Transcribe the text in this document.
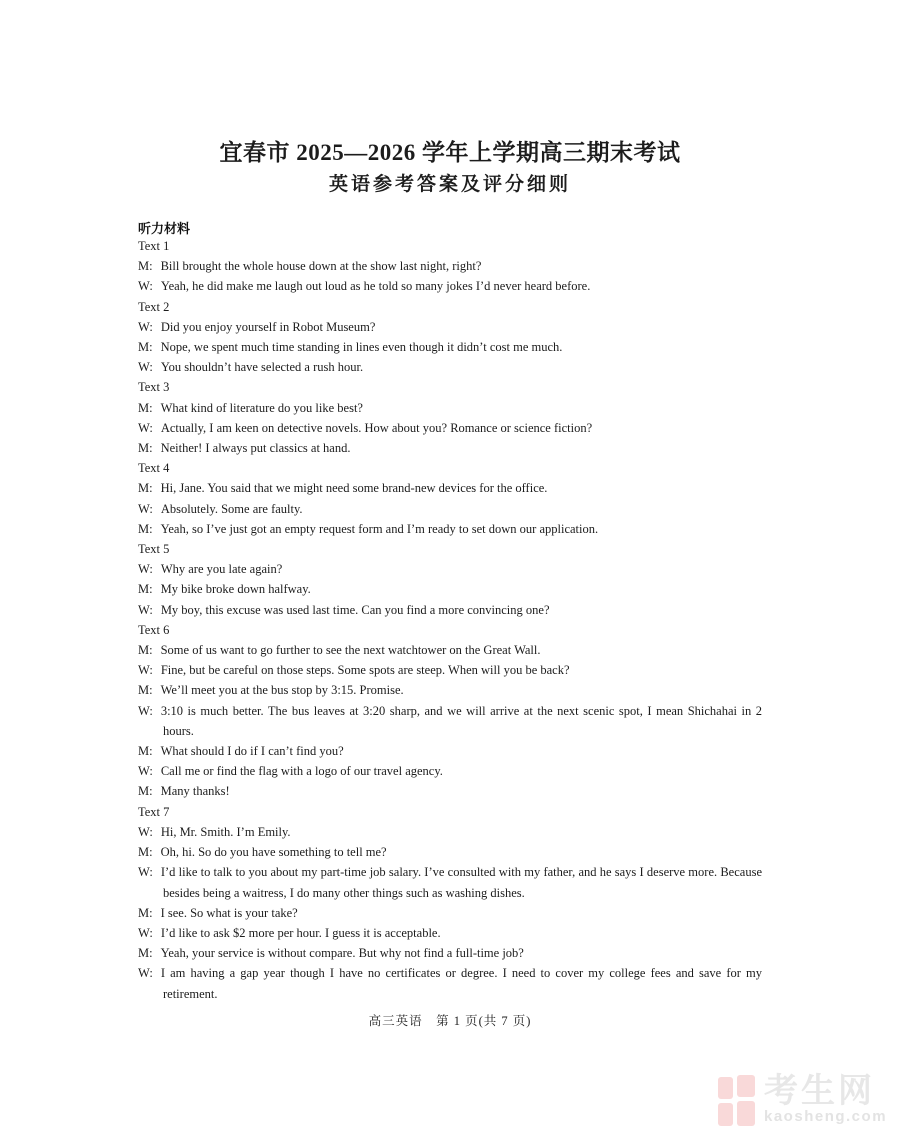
宜春市 2025—2026 学年上学期高三期末考试
英语参考答案及评分细则
听力材料
Text 1
M: Bill brought the whole house down at the show last night, right?
W: Yeah, he did make me laugh out loud as he told so many jokes I’d never heard before.
Text 2
W: Did you enjoy yourself in Robot Museum?
M: Nope, we spent much time standing in lines even though it didn’t cost me much.
W: You shouldn’t have selected a rush hour.
Text 3
M: What kind of literature do you like best?
W: Actually, I am keen on detective novels. How about you? Romance or science fiction?
M: Neither! I always put classics at hand.
Text 4
M: Hi, Jane. You said that we might need some brand-new devices for the office.
W: Absolutely. Some are faulty.
M: Yeah, so I’ve just got an empty request form and I’m ready to set down our application.
Text 5
W: Why are you late again?
M: My bike broke down halfway.
W: My boy, this excuse was used last time. Can you find a more convincing one?
Text 6
M: Some of us want to go further to see the next watchtower on the Great Wall.
W: Fine, but be careful on those steps. Some spots are steep. When will you be back?
M: We’ll meet you at the bus stop by 3:15. Promise.
W: 3:10 is much better. The bus leaves at 3:20 sharp, and we will arrive at the next scenic spot, I mean Shichahai in 2 hours.
M: What should I do if I can’t find you?
W: Call me or find the flag with a logo of our travel agency.
M: Many thanks!
Text 7
W: Hi, Mr. Smith. I’m Emily.
M: Oh, hi. So do you have something to tell me?
W: I’d like to talk to you about my part-time job salary. I’ve consulted with my father, and he says I deserve more. Because besides being a waitress, I do many other things such as washing dishes.
M: I see. So what is your take?
W: I’d like to ask $2 more per hour. I guess it is acceptable.
M: Yeah, your service is without compare. But why not find a full-time job?
W: I am having a gap year though I have no certificates or degree. I need to cover my college fees and save for my retirement.
高三英语　第 1 页(共 7 页)
考生网
kaosheng.com
